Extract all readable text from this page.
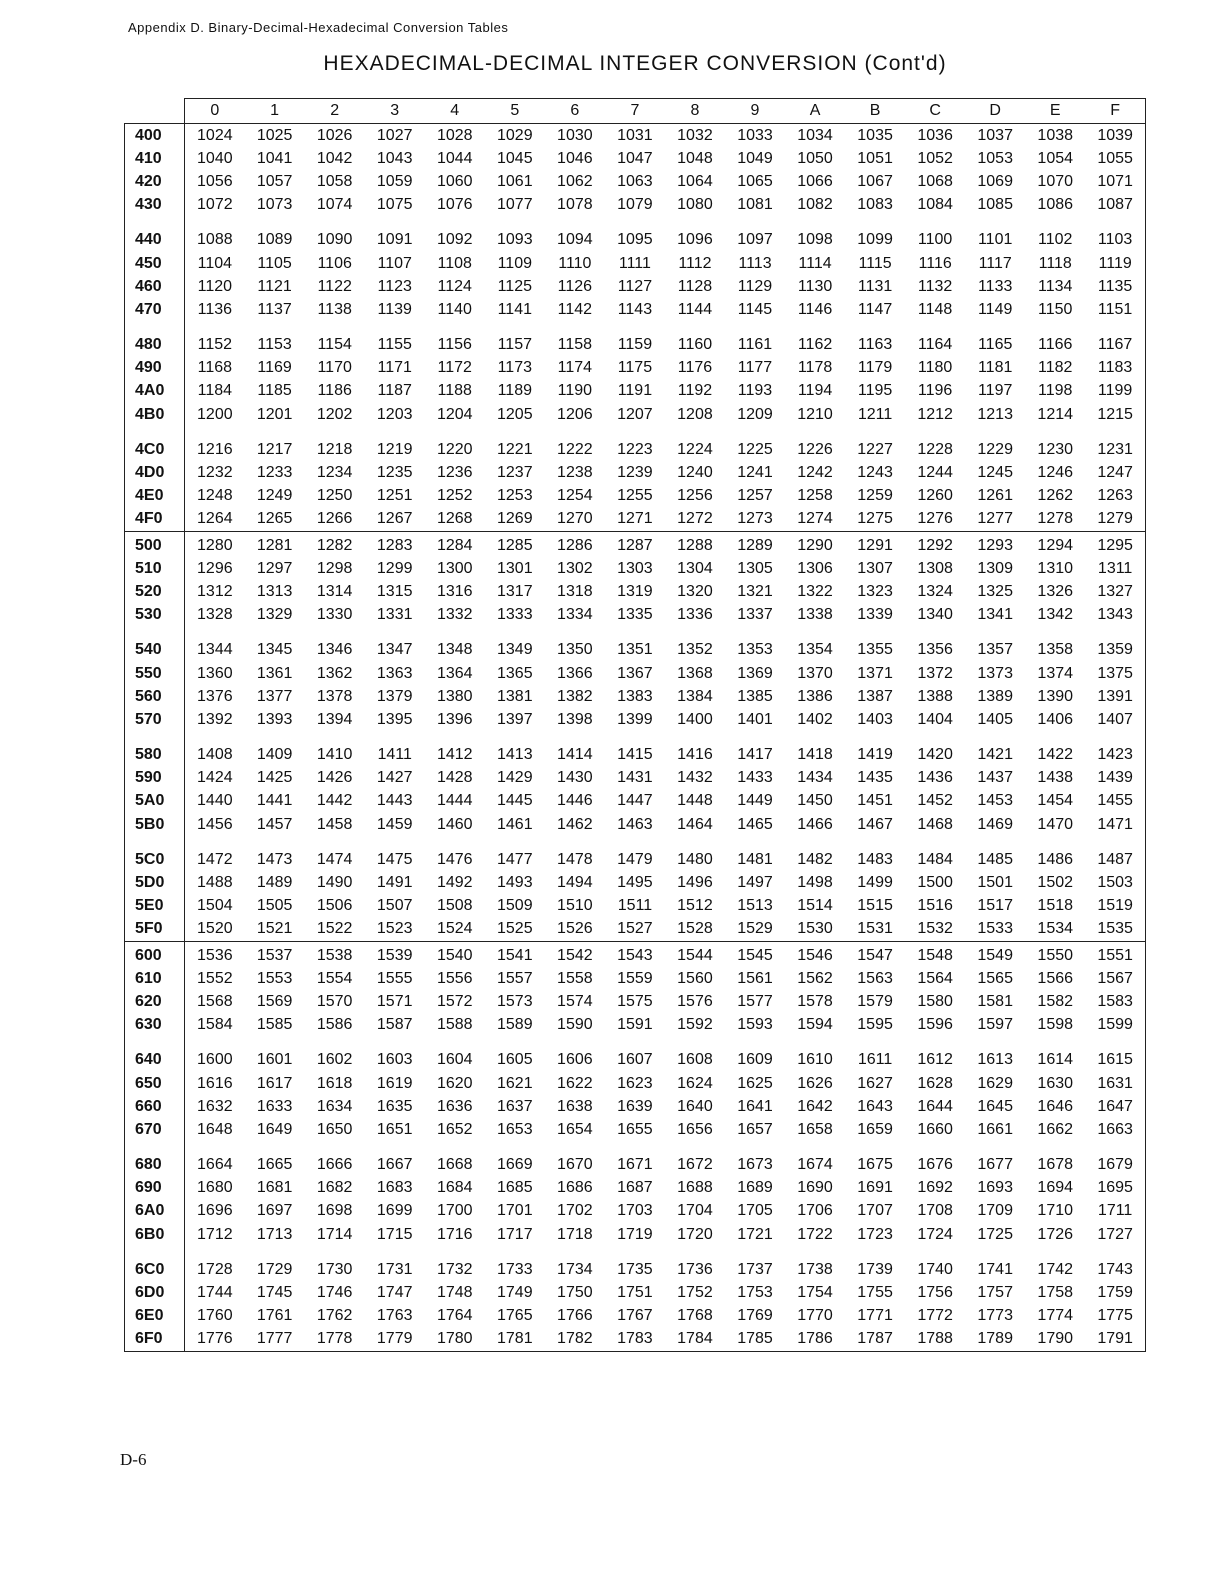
Appendix D. Binary-Decimal-Hexadecimal Conversion Tables
HEXADECIMAL-DECIMAL INTEGER CONVERSION (Cont'd)
	0	1	2	3	4	5	6	7	8	9	A	B	C	D	E	F
400	1024	1025	1026	1027	1028	1029	1030	1031	1032	1033	1034	1035	1036	1037	1038	1039
410	1040	1041	1042	1043	1044	1045	1046	1047	1048	1049	1050	1051	1052	1053	1054	1055
420	1056	1057	1058	1059	1060	1061	1062	1063	1064	1065	1066	1067	1068	1069	1070	1071
430	1072	1073	1074	1075	1076	1077	1078	1079	1080	1081	1082	1083	1084	1085	1086	1087
440	1088	1089	1090	1091	1092	1093	1094	1095	1096	1097	1098	1099	1100	1101	1102	1103
450	1104	1105	1106	1107	1108	1109	1110	1111	1112	1113	1114	1115	1116	1117	1118	1119
460	1120	1121	1122	1123	1124	1125	1126	1127	1128	1129	1130	1131	1132	1133	1134	1135
470	1136	1137	1138	1139	1140	1141	1142	1143	1144	1145	1146	1147	1148	1149	1150	1151
480	1152	1153	1154	1155	1156	1157	1158	1159	1160	1161	1162	1163	1164	1165	1166	1167
490	1168	1169	1170	1171	1172	1173	1174	1175	1176	1177	1178	1179	1180	1181	1182	1183
4A0	1184	1185	1186	1187	1188	1189	1190	1191	1192	1193	1194	1195	1196	1197	1198	1199
4B0	1200	1201	1202	1203	1204	1205	1206	1207	1208	1209	1210	1211	1212	1213	1214	1215
4C0	1216	1217	1218	1219	1220	1221	1222	1223	1224	1225	1226	1227	1228	1229	1230	1231
4D0	1232	1233	1234	1235	1236	1237	1238	1239	1240	1241	1242	1243	1244	1245	1246	1247
4E0	1248	1249	1250	1251	1252	1253	1254	1255	1256	1257	1258	1259	1260	1261	1262	1263
4F0	1264	1265	1266	1267	1268	1269	1270	1271	1272	1273	1274	1275	1276	1277	1278	1279
500	1280	1281	1282	1283	1284	1285	1286	1287	1288	1289	1290	1291	1292	1293	1294	1295
510	1296	1297	1298	1299	1300	1301	1302	1303	1304	1305	1306	1307	1308	1309	1310	1311
520	1312	1313	1314	1315	1316	1317	1318	1319	1320	1321	1322	1323	1324	1325	1326	1327
530	1328	1329	1330	1331	1332	1333	1334	1335	1336	1337	1338	1339	1340	1341	1342	1343
540	1344	1345	1346	1347	1348	1349	1350	1351	1352	1353	1354	1355	1356	1357	1358	1359
550	1360	1361	1362	1363	1364	1365	1366	1367	1368	1369	1370	1371	1372	1373	1374	1375
560	1376	1377	1378	1379	1380	1381	1382	1383	1384	1385	1386	1387	1388	1389	1390	1391
570	1392	1393	1394	1395	1396	1397	1398	1399	1400	1401	1402	1403	1404	1405	1406	1407
580	1408	1409	1410	1411	1412	1413	1414	1415	1416	1417	1418	1419	1420	1421	1422	1423
590	1424	1425	1426	1427	1428	1429	1430	1431	1432	1433	1434	1435	1436	1437	1438	1439
5A0	1440	1441	1442	1443	1444	1445	1446	1447	1448	1449	1450	1451	1452	1453	1454	1455
5B0	1456	1457	1458	1459	1460	1461	1462	1463	1464	1465	1466	1467	1468	1469	1470	1471
5C0	1472	1473	1474	1475	1476	1477	1478	1479	1480	1481	1482	1483	1484	1485	1486	1487
5D0	1488	1489	1490	1491	1492	1493	1494	1495	1496	1497	1498	1499	1500	1501	1502	1503
5E0	1504	1505	1506	1507	1508	1509	1510	1511	1512	1513	1514	1515	1516	1517	1518	1519
5F0	1520	1521	1522	1523	1524	1525	1526	1527	1528	1529	1530	1531	1532	1533	1534	1535
600	1536	1537	1538	1539	1540	1541	1542	1543	1544	1545	1546	1547	1548	1549	1550	1551
610	1552	1553	1554	1555	1556	1557	1558	1559	1560	1561	1562	1563	1564	1565	1566	1567
620	1568	1569	1570	1571	1572	1573	1574	1575	1576	1577	1578	1579	1580	1581	1582	1583
630	1584	1585	1586	1587	1588	1589	1590	1591	1592	1593	1594	1595	1596	1597	1598	1599
640	1600	1601	1602	1603	1604	1605	1606	1607	1608	1609	1610	1611	1612	1613	1614	1615
650	1616	1617	1618	1619	1620	1621	1622	1623	1624	1625	1626	1627	1628	1629	1630	1631
660	1632	1633	1634	1635	1636	1637	1638	1639	1640	1641	1642	1643	1644	1645	1646	1647
670	1648	1649	1650	1651	1652	1653	1654	1655	1656	1657	1658	1659	1660	1661	1662	1663
680	1664	1665	1666	1667	1668	1669	1670	1671	1672	1673	1674	1675	1676	1677	1678	1679
690	1680	1681	1682	1683	1684	1685	1686	1687	1688	1689	1690	1691	1692	1693	1694	1695
6A0	1696	1697	1698	1699	1700	1701	1702	1703	1704	1705	1706	1707	1708	1709	1710	1711
6B0	1712	1713	1714	1715	1716	1717	1718	1719	1720	1721	1722	1723	1724	1725	1726	1727
6C0	1728	1729	1730	1731	1732	1733	1734	1735	1736	1737	1738	1739	1740	1741	1742	1743
6D0	1744	1745	1746	1747	1748	1749	1750	1751	1752	1753	1754	1755	1756	1757	1758	1759
6E0	1760	1761	1762	1763	1764	1765	1766	1767	1768	1769	1770	1771	1772	1773	1774	1775
6F0	1776	1777	1778	1779	1780	1781	1782	1783	1784	1785	1786	1787	1788	1789	1790	1791
D-6
